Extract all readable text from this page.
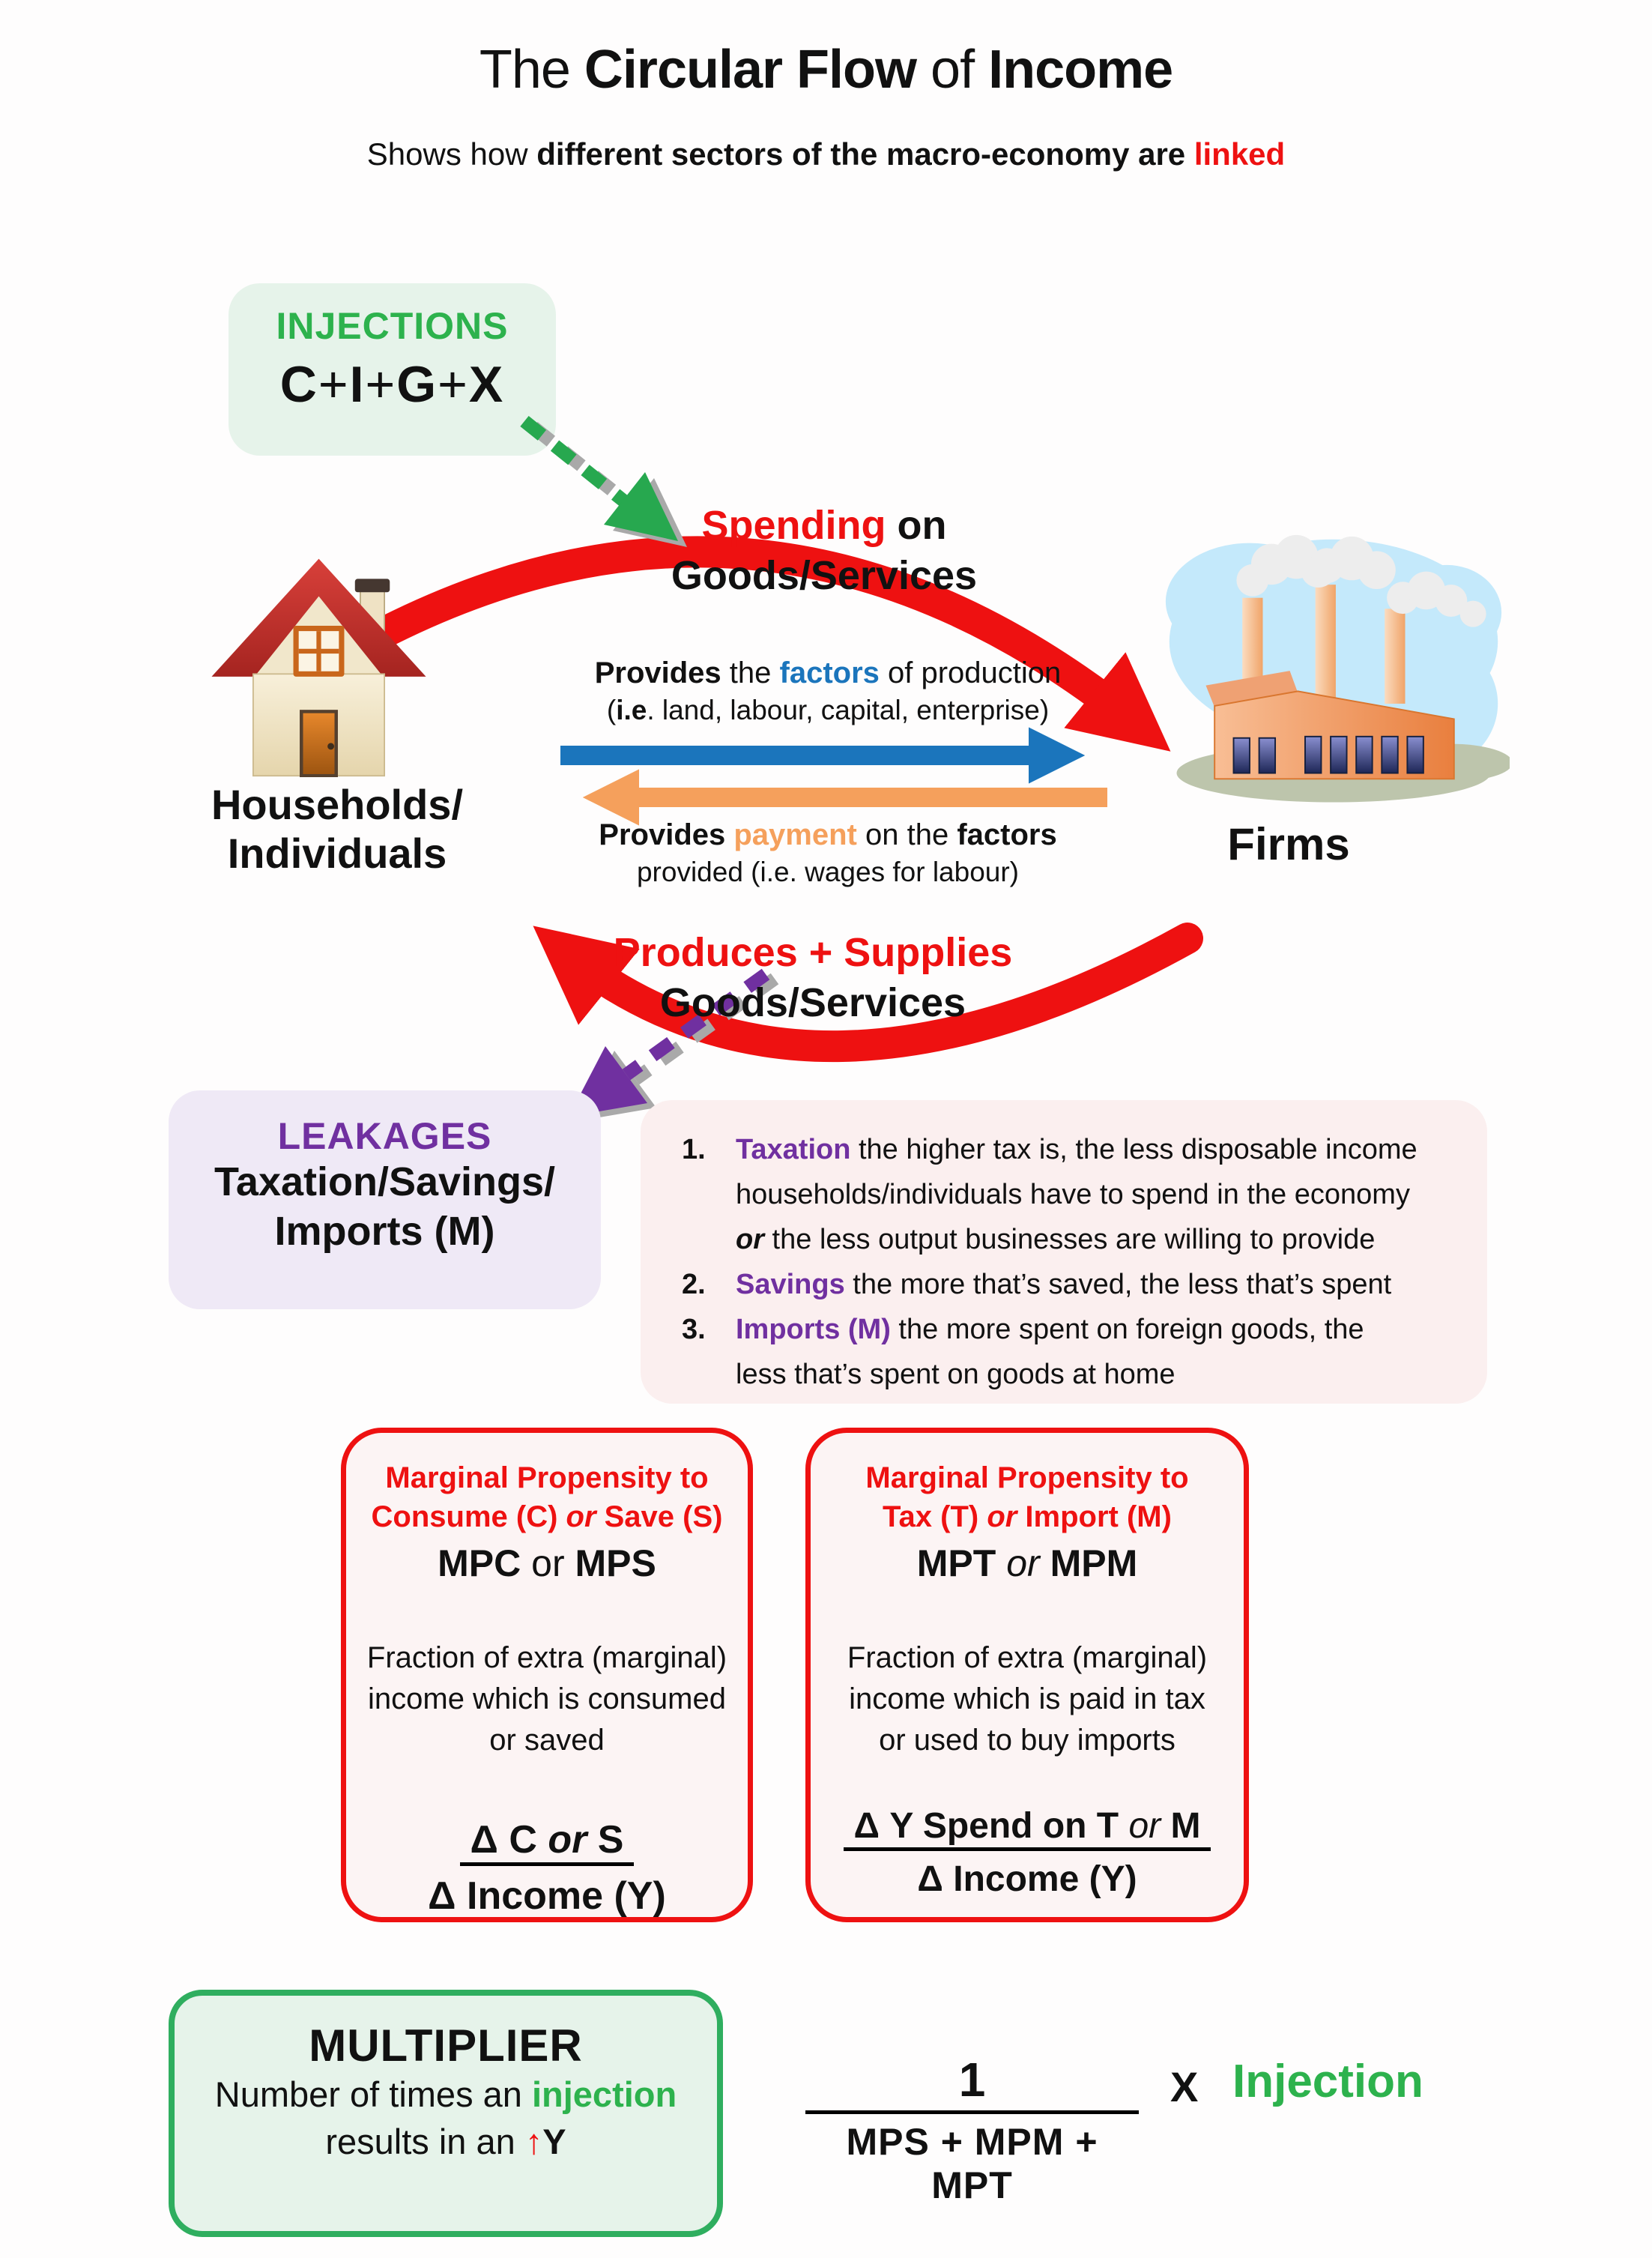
The Circular Flow of Income
Shows how different sectors of the macro-economy are linked
INJECTIONS
C+I+G+X
Spending on
Goods/Services
Provides the factors of production
(i.e. land, labour, capital, enterprise)
Provides payment on the factors
provided (i.e. wages for labour)
Produces + Supplies
Goods/Services
Households/
Individuals	Firms
LEAKAGES
Taxation/Savings/
Imports (M)
1.	Taxation the higher tax is, the less disposable income
households/individuals have to spend in the economy
or the less output businesses are willing to provide
2.	Savings the more that’s saved, the less that’s spent
3.	Imports (M) the more spent on foreign goods, the
less that’s spent on goods at home
Marginal Propensity to
Consume (C) or Save (S)
MPC or MPS
Fraction of extra (marginal)
income which is consumed
or saved
Δ C or S
Δ Income (Y)
Marginal Propensity to
Tax (T) or Import (M)
MPT or MPM
Fraction of extra (marginal)
income which is paid in tax
or used to buy imports
Δ Y Spend on T or M
Δ Income (Y)
MULTIPLIER
Number of times an injection
results in an ↑Y
1
MPS + MPM + MPT
X Injection
